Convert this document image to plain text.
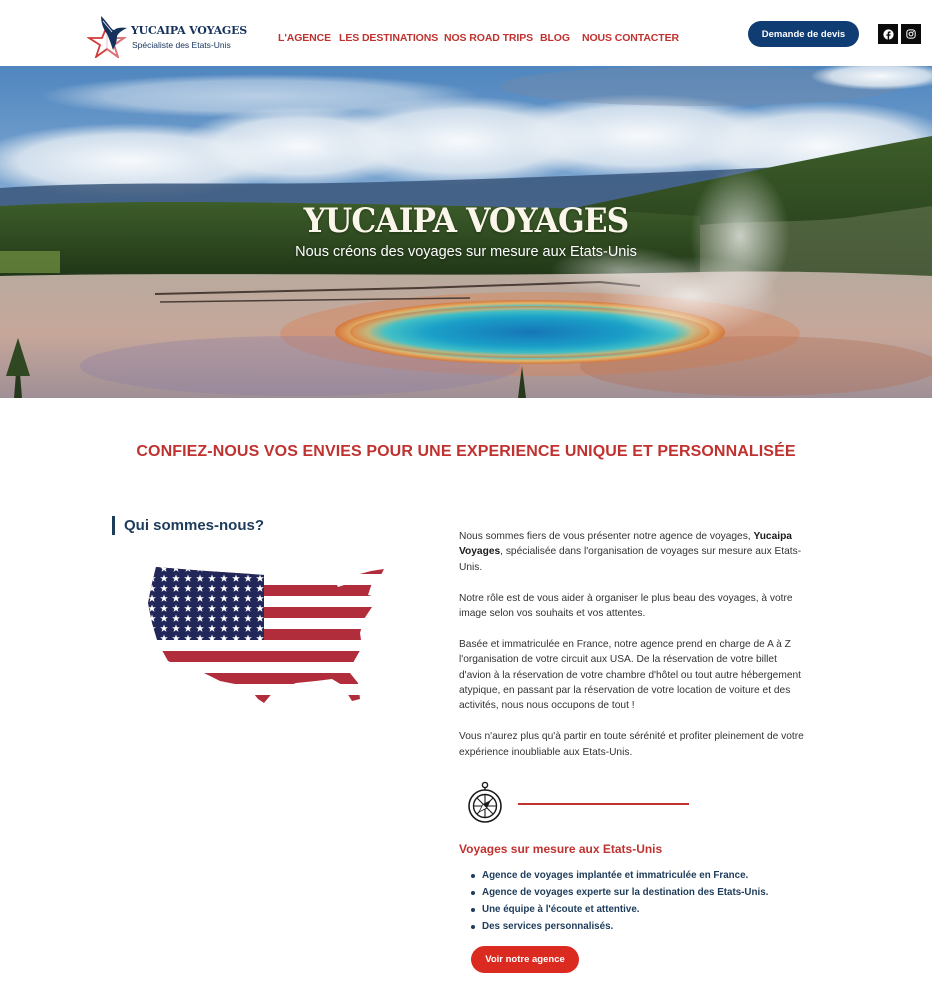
YUCAIPA VOYAGES
Spécialiste des Etats-Unis
L'AGENCE LES DESTINATIONS NOS ROAD TRIPS BLOG NOUS CONTACTER	Demande de devis
YUCAIPA VOYAGES

Nous créons des voyages sur mesure aux Etats-Unis

CONFIEZ-NOUS VOS ENVIES POUR UNE EXPERIENCE UNIQUE ET PERSONNALISÉE
Qui sommes-nous?

Nous sommes fiers de vous présenter notre agence de voyages, Yucaipa Voyages, spécialisée dans l'organisation de voyages sur mesure aux Etats-Unis.

Notre rôle est de vous aider à organiser le plus beau des voyages, à votre image selon vos souhaits et vos attentes.

Basée et immatriculée en France, notre agence prend en charge de A à Z l'organisation de votre circuit aux USA. De la réservation de votre billet d'avion à la réservation de votre chambre d'hôtel ou tout autre hébergement atypique, en passant par la réservation de votre location de voiture et des activités, nous nous occupons de tout !

Vous n'aurez plus qu'à partir en toute sérénité et profiter pleinement de votre expérience inoubliable aux Etats-Unis.

Voyages sur mesure aux Etats-Unis
Agence de voyages implantée et immatriculée en France.
Agence de voyages experte sur la destination des Etats-Unis.
Une équipe à l'écoute et attentive.
Des services personnalisés.
Voir notre agence
